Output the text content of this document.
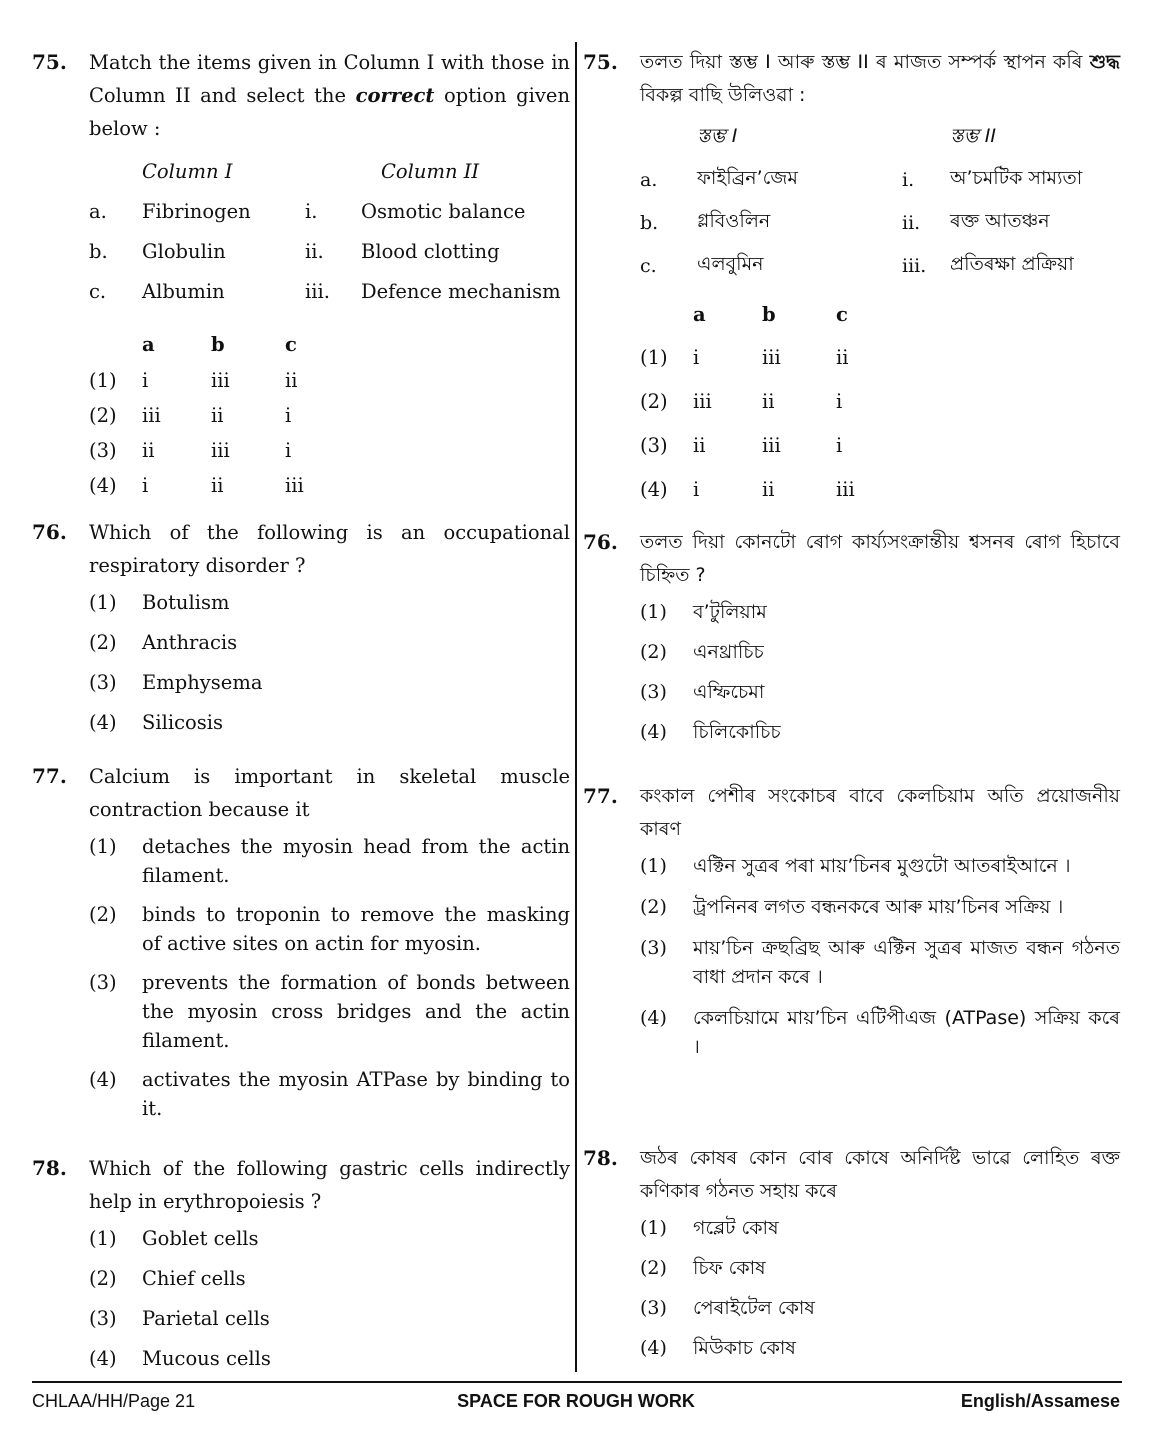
75. Match the items given in Column I with those in Column II and select the correct option given below :
	Column I		Column II
a.	Fibrinogen	i.	Osmotic balance
b.	Globulin	ii.	Blood clotting
c.	Albumin	iii.	Defence mechanism
	a	b	c
(1)	i	iii	ii
(2)	iii	ii	i
(3)	ii	iii	i
(4)	i	ii	iii
76. Which of the following is an occupational respiratory disorder ?
(1) Botulism
(2) Anthracis
(3) Emphysema
(4) Silicosis
77. Calcium is important in skeletal muscle contraction because it
(1) detaches the myosin head from the actin filament.
(2) binds to troponin to remove the masking of active sites on actin for myosin.
(3) prevents the formation of bonds between the myosin cross bridges and the actin filament.
(4) activates the myosin ATPase by binding to it.
78. Which of the following gastric cells indirectly help in erythropoiesis ?
(1) Goblet cells
(2) Chief cells
(3) Parietal cells
(4) Mucous cells
75. তলত দিয়া স্তম্ভ I আৰু স্তম্ভ II ৰ মাজত সম্পৰ্ক স্থাপন কৰি শুদ্ধ বিকল্প বাছি উলিওৱা :
	স্তম্ভ I		স্তম্ভ II
a.	ফাইব্ৰিন’জেম	i.	অ’চমটিক সাম্যতা
b.	গ্লবিওলিন	ii.	ৰক্ত আতঞ্চন
c.	এলবুমিন	iii.	প্ৰতিৰক্ষা প্ৰক্ৰিয়া
	a	b	c
(1)	i	iii	ii
(2)	iii	ii	i
(3)	ii	iii	i
(4)	i	ii	iii
76. তলত দিয়া কোনটো ৰোগ কাৰ্য্যসংক্ৰান্তীয় শ্বসনৰ ৰোগ হিচাবে চিহ্নিত ?
(1) ব’টুলিয়াম
(2) এনথ্ৰাচিচ
(3) এম্ফিচেমা
(4) চিলিকোচিচ
77. কংকাল পেশীৰ সংকোচৰ বাবে কেলচিয়াম অতি প্ৰয়োজনীয় কাৰণ
(1) এক্টিন সুত্ৰৰ পৰা মায়’চিনৰ মুগুটো আতৰাইআনে ।
(2) ট্ৰপনিনৰ লগত বন্ধনকৰে আৰু মায়’চিনৰ সক্ৰিয় ।
(3) মায়’চিন ক্ৰছব্ৰিছ আৰু এক্টিন সুত্ৰৰ মাজত বন্ধন গঠনত বাধা প্ৰদান কৰে ।
(4) কেলচিয়ামে মায়’চিন এটিপীএজ (ATPase) সক্ৰিয় কৰে ।
78. জঠৰ কোষৰ কোন বোৰ কোষে অনিৰ্দিষ্ট ভাৱে লোহিত ৰক্ত কণিকাৰ গঠনত সহায় কৰে
(1) গব্লেট কোষ
(2) চিফ কোষ
(3) পেৰাইটেল কোষ
(4) মিউকাচ কোষ
CHLAA/HH/Page 21	SPACE FOR ROUGH WORK	English/Assamese
